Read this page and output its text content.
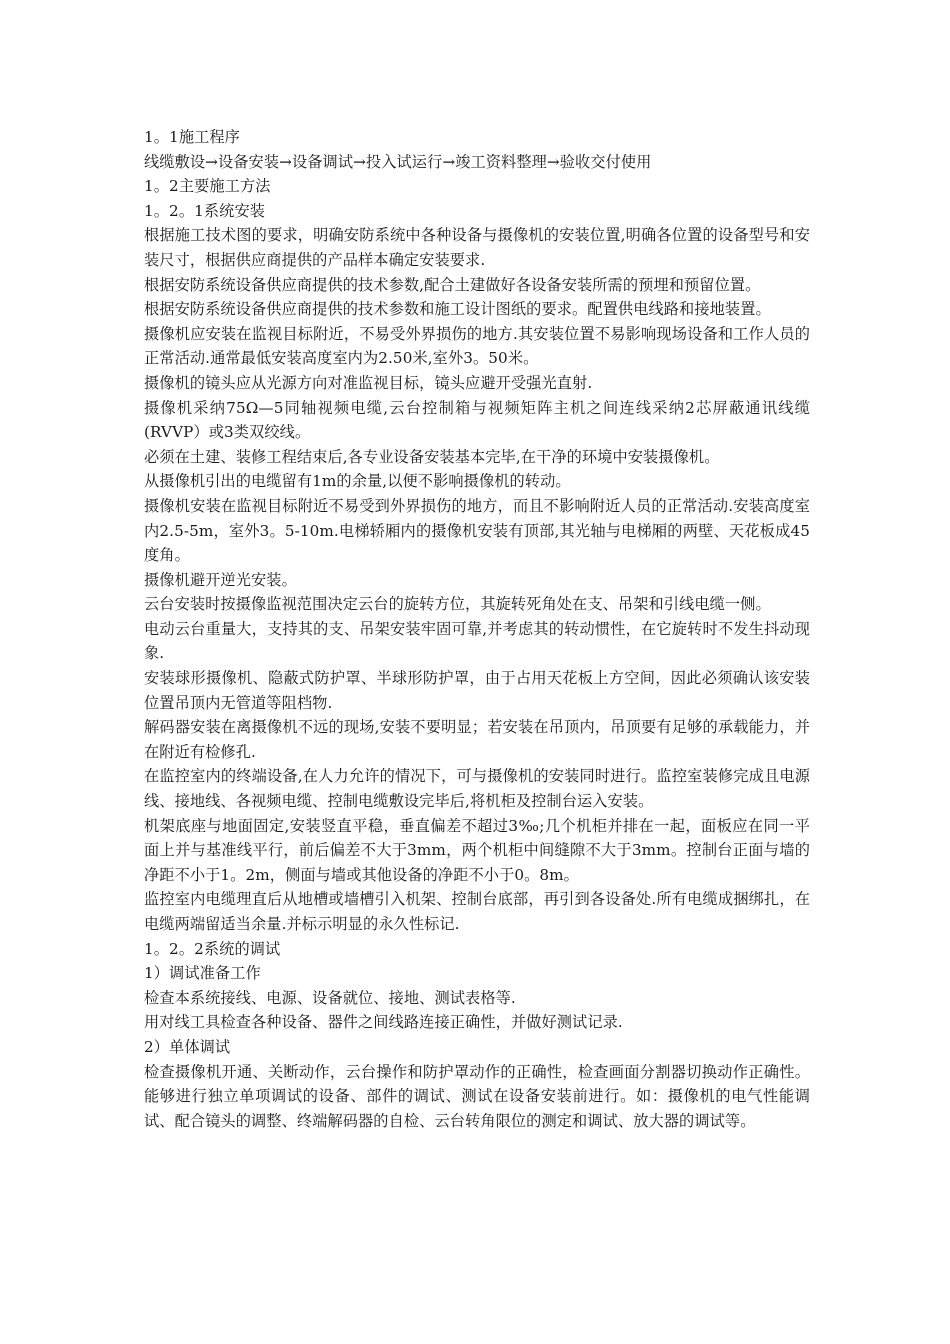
1。1施工程序

线缆敷设→设备安装→设备调试→投入试运行→竣工资料整理→验收交付使用

1。2主要施工方法

1。2。1系统安装

根据施工技术图的要求，明确安防系统中各种设备与摄像机的安装位置,明确各位置的设备型号和安装尺寸，根据供应商提供的产品样本确定安装要求.

根据安防系统设备供应商提供的技术参数,配合土建做好各设备安装所需的预埋和预留位置。

根据安防系统设备供应商提供的技术参数和施工设计图纸的要求。配置供电线路和接地装置。

摄像机应安装在监视目标附近，不易受外界损伤的地方.其安装位置不易影响现场设备和工作人员的正常活动.通常最低安装高度室内为2.50米,室外3。50米。

摄像机的镜头应从光源方向对准监视目标，镜头应避开受强光直射.

摄像机采纳75Ω—5同轴视频电缆,云台控制箱与视频矩阵主机之间连线采纳2芯屏蔽通讯线缆(RVVP）或3类双绞线。

必须在土建、装修工程结束后,各专业设备安装基本完毕,在干净的环境中安装摄像机。

从摄像机引出的电缆留有1m的余量,以便不影响摄像机的转动。

摄像机安装在监视目标附近不易受到外界损伤的地方，而且不影响附近人员的正常活动.安装高度室内2.5-5m，室外3。5-10m.电梯轿厢内的摄像机安装有顶部,其光轴与电梯厢的两壁、天花板成45度角。

摄像机避开逆光安装。

云台安装时按摄像监视范围决定云台的旋转方位，其旋转死角处在支、吊架和引线电缆一侧。

电动云台重量大，支持其的支、吊架安装牢固可靠,并考虑其的转动惯性，在它旋转时不发生抖动现象.

安装球形摄像机、隐蔽式防护罩、半球形防护罩，由于占用天花板上方空间，因此必须确认该安装位置吊顶内无管道等阻档物.

解码器安装在离摄像机不远的现场,安装不要明显；若安装在吊顶内，吊顶要有足够的承载能力，并在附近有检修孔.

在监控室内的终端设备,在人力允许的情况下，可与摄像机的安装同时进行。监控室装修完成且电源线、接地线、各视频电缆、控制电缆敷设完毕后,将机柜及控制台运入安装。

机架底座与地面固定,安装竖直平稳，垂直偏差不超过3‰;几个机柜并排在一起，面板应在同一平面上并与基准线平行，前后偏差不大于3mm，两个机柜中间缝隙不大于3mm。控制台正面与墙的净距不小于1。2m，侧面与墙或其他设备的净距不小于0。8m。

监控室内电缆理直后从地槽或墙槽引入机架、控制台底部，再引到各设备处.所有电缆成捆绑扎，在电缆两端留适当余量.并标示明显的永久性标记.

1。2。2系统的调试

1）调试准备工作

检查本系统接线、电源、设备就位、接地、测试表格等.

用对线工具检查各种设备、器件之间线路连接正确性，并做好测试记录.

2）单体调试

检查摄像机开通、关断动作，云台操作和防护罩动作的正确性，检查画面分割器切换动作正确性。能够进行独立单项调试的设备、部件的调试、测试在设备安装前进行。如：摄像机的电气性能调试、配合镜头的调整、终端解码器的自检、云台转角限位的测定和调试、放大器的调试等。
